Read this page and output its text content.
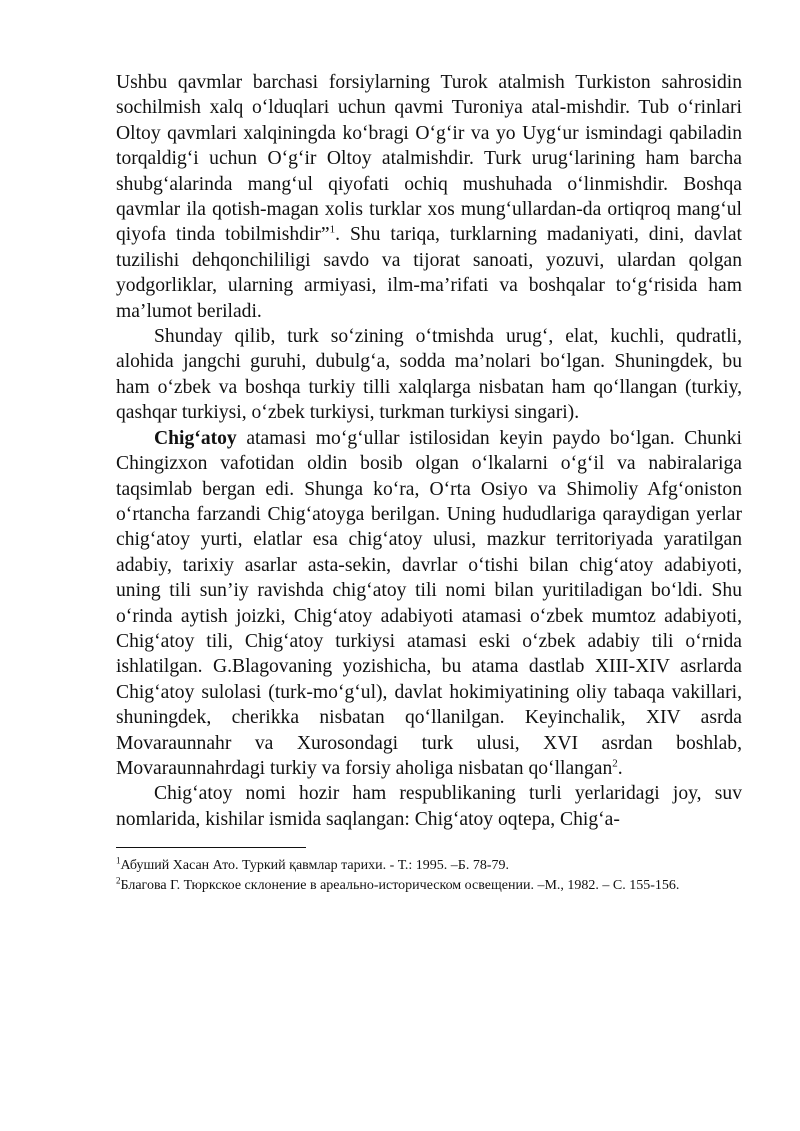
Ushbu qavmlar barchasi forsiylarning Turok atalmish Turkiston sahrosidin sochilmish xalq o‘lduqlari uchun qavmi Turoniya atal-mishdir. Tub o‘rinlari Oltoy qavmlari xalqiningda ko‘bragi O‘g‘ir va yo Uyg‘ur ismindagi qabiladin torqaldig‘i uchun O‘g‘ir Oltoy atalmishdir. Turk urug‘larining ham barcha shubg‘alarinda mang‘ul qiyofati ochiq mushuhada o‘linmishdir. Boshqa qavmlar ila qotish-magan xolis turklar xos mung‘ullardan-da ortiqroq mang‘ul qiyofa tinda tobilmishdir”$^1$. Shu tariqa, turklarning madaniyati, dini, davlat tuzilishi dehqonchililigi savdo va tijorat sanoati, yozuvi, ulardan qolgan yodgorliklar, ularning armiyasi, ilm-ma’rifati va boshqalar to‘g‘risida ham ma’lumot beriladi.

Shunday qilib, turk so‘zining o‘tmishda urug‘, elat, kuchli, qudratli, alohida jangchi guruhi, dubulg‘a, sodda ma’nolari bo‘lgan. Shuningdek, bu ham o‘zbek va boshqa turkiy tilli xalqlarga nisbatan ham qo‘llangan (turkiy, qashqar turkiysi, o‘zbek turkiysi, turkman turkiysi singari).

Chig‘atoy atamasi mo‘g‘ullar istilosidan keyin paydo bo‘lgan. Chunki Chingizxon vafotidan oldin bosib olgan o‘lkalarni o‘g‘il va nabiralariga taqsimlab bergan edi. Shunga ko‘ra, O‘rta Osiyo va Shimoliy Afg‘oniston o‘rtancha farzandi Chig‘atoyga berilgan. Uning hududlariga qaraydigan yerlar chig‘atoy yurti, elatlar esa chig‘atoy ulusi, mazkur territoriyada yaratilgan adabiy, tarixiy asarlar asta-sekin, davrlar o‘tishi bilan chig‘atoy adabiyoti, uning tili sun’iy ravishda chig‘atoy tili nomi bilan yuritiladigan bo‘ldi. Shu o‘rinda aytish joizki, Chig‘atoy adabiyoti atamasi o‘zbek mumtoz adabiyoti, Chig‘atoy tili, Chig‘atoy turkiysi atamasi eski o‘zbek adabiy tili o‘rnida ishlatilgan. G.Blagovaning yozishicha, bu atama dastlab XIII-XIV asrlarda Chig‘atoy sulolasi (turk-mo‘g‘ul), davlat hokimiyatining oliy tabaqa vakillari, shuningdek, cherikka nisbatan qo‘llanilgan. Keyinchalik, XIV asrda Movaraunnahr va Xurosondagi turk ulusi, XVI asrdan boshlab, Movaraunnahrdagi turkiy va forsiy aholiga nisbatan qo‘llangan$^2$.

Chig‘atoy nomi hozir ham respublikaning turli yerlaridagi joy, suv nomlarida, kishilar ismida saqlangan: Chig‘atoy oqtepa, Chig‘a-

$^1$Абуший Хасан Ато. Туркий қавмлар тарихи. - Т.: 1995. –Б. 78-79.

$^2$Благова Г. Тюркское склонение в ареально-историческом освещении. –М., 1982. – С. 155-156.
